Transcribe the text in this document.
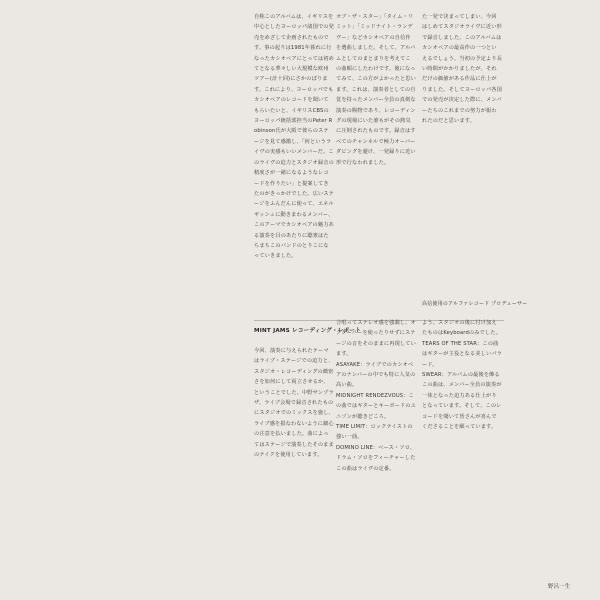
自称このアルバムは、イギリスを中心としたヨーロッパ諸国での発売をめざして企画されたものです。事の起りは1981年暮れに行なったカシオペアにとっては初めてとなる華々しい大規模な欧州ツアー(計十回)にさかのぼります。これにより、ヨーロッパでもカシオペアのレコードを聞いてもらいたいと、イギリスCBSのヨーロッパ統括部担当のPeter Robinson氏が大阪で彼らのステージを見て感激し、「何というライヴの実感もいいメンバーだ。このライヴの迫力とスタジオ録音の精度さが一緒になるようなレコードを作りたい」と提案してきたのがきっかけでした。広いステージをふんだんに使って、エネルギッシュに動きまわるメンバー、このアーマでカシオペアの魅力ある演奏を目のあたりに聴衆はたちまちこのバンドのとりこになっていきました。
オブ・ザ・スター」「タイム・リミット」「ミッドナイト・ランデヴー」などカシオペアの自信作を選曲しました。そして、アルバムとしてのまとまりを考えてこの曲順にしたわけです。後になってみて、この方がよかったと思います。これは、演奏者としての自覚を持ったメンバー全員の真剣な演奏の賜物であり、レコーディングの現場にいた誰もがその熱気に圧倒されたものです。録音はすべてのチャンネルで極力オーバーダビングを避け、一発録りに近い形で行なわれました。
た一発で決まってしまい、今回はしめてスタジオライヴに近い形で録音しました。このアルバムはカシオペアの最高作の一つといえるでしょう。当初の予定より長い時間がかかりましたが、それだけの価値がある作品に仕上がりました。そしてヨーロッパ各国での発売が決定した際に、メンバーたちのこれまでの努力が報われたのだと思います。
MINT JAMS レコーディング・レポート
高信使用のアルファレコード プロデューサー
今回、演奏に与えられたテーマはライブ・ステージでの迫力と、スタジオ・レコーディングの緻密さを如何にして両立させるか、ということでした。中野サンプラザ、ライブ会場で録音されたものにスタジオでのミックスを施し、ライブ感を損なわないように細心の注意を払いました。曲によってはステージで演奏したそのままのテイクを使用しています。
合唱ってステレオ感を強調し、オクターバーを使ったりせずにステージの音をそのままに再現しています。
ASAYAKE：ライブでのカシオペアのナンバーの中でも特に人気の高い曲。
MIDNIGHT RENDEZVOUS：この曲ではギターとキーボードのユニゾンが聴きどころ。
TIME LIMIT：ロックテイストの強い一曲。
DOMINO LINE：ベース・ソロ、ドラム・ソロをフィーチャーしたこの曲はライヴの定番。
よう、スタジオの後に付け加えたものはKeyboardのみでした。
TEARS OF THE STAR：この曲はギターが主役となる美しいバラード。
SWEAR：アルバムの最後を飾るこの曲は、メンバー全員の演奏が一体となった迫力ある仕上がりとなっています。そして、このレコードを聞いて皆さんが喜んでくださることを願っています。
野呂一生
